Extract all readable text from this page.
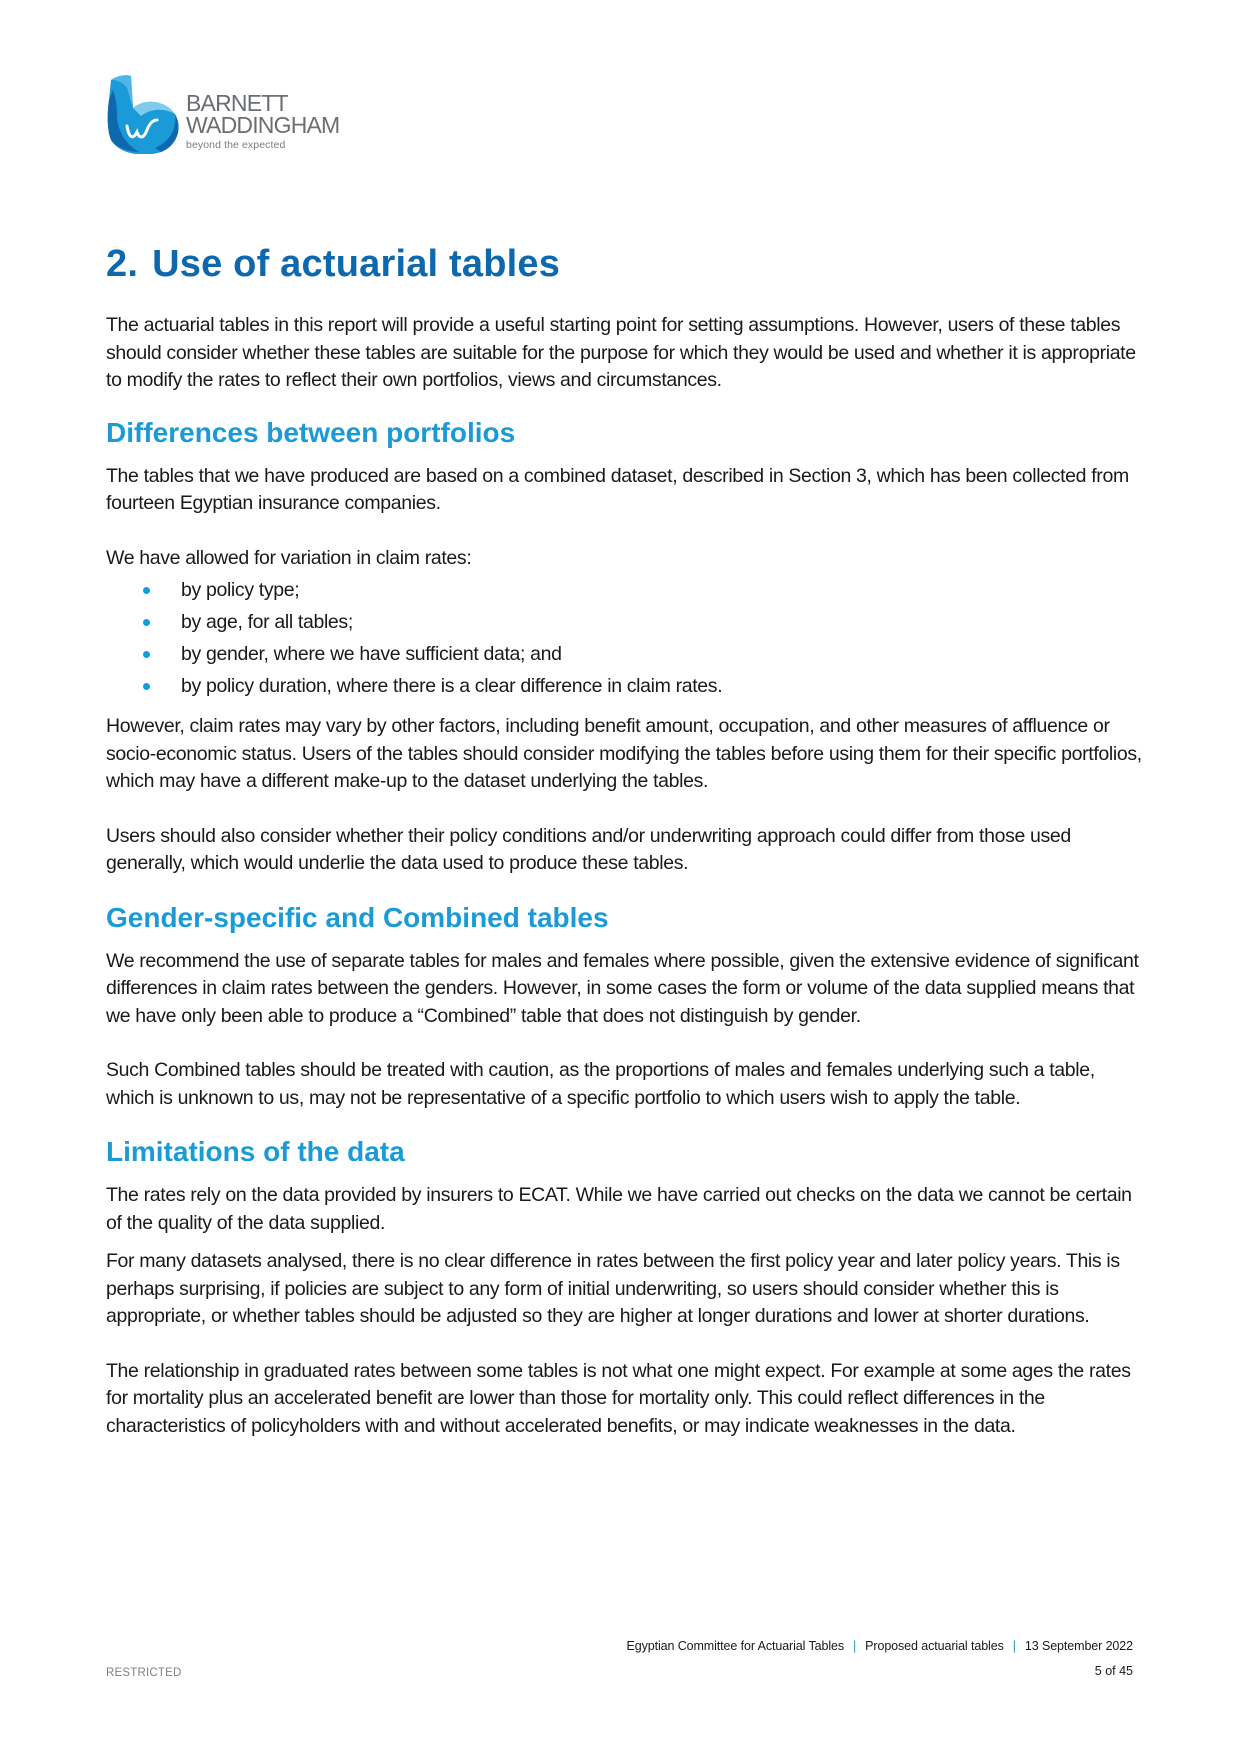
BARNETT
WADDINGHAM
beyond the expected
2. Use of actuarial tables

The actuarial tables in this report will provide a useful starting point for setting assumptions. However, users of these tables should consider whether these tables are suitable for the purpose for which they would be used and whether it is appropriate to modify the rates to reflect their own portfolios, views and circumstances.

Differences between portfolios

The tables that we have produced are based on a combined dataset, described in Section 3, which has been collected from fourteen Egyptian insurance companies.

We have allowed for variation in claim rates:

by policy type;
by age, for all tables;
by gender, where we have sufficient data; and
by policy duration, where there is a clear difference in claim rates.

However, claim rates may vary by other factors, including benefit amount, occupation, and other measures of affluence or socio-economic status. Users of the tables should consider modifying the tables before using them for their specific portfolios, which may have a different make-up to the dataset underlying the tables.

Users should also consider whether their policy conditions and/or underwriting approach could differ from those used generally, which would underlie the data used to produce these tables.

Gender-specific and Combined tables

We recommend the use of separate tables for males and females where possible, given the extensive evidence of significant differences in claim rates between the genders. However, in some cases the form or volume of the data supplied means that we have only been able to produce a “Combined” table that does not distinguish by gender.

Such Combined tables should be treated with caution, as the proportions of males and females underlying such a table, which is unknown to us, may not be representative of a specific portfolio to which users wish to apply the table.

Limitations of the data

The rates rely on the data provided by insurers to ECAT. While we have carried out checks on the data we cannot be certain of the quality of the data supplied.

For many datasets analysed, there is no clear difference in rates between the first policy year and later policy years. This is perhaps surprising, if policies are subject to any form of initial underwriting, so users should consider whether this is appropriate, or whether tables should be adjusted so they are higher at longer durations and lower at shorter durations.

The relationship in graduated rates between some tables is not what one might expect. For example at some ages the rates for mortality plus an accelerated benefit are lower than those for mortality only. This could reflect differences in the characteristics of policyholders with and without accelerated benefits, or may indicate weaknesses in the data.

Egyptian Committee for Actuarial Tables | Proposed actuarial tables | 13 September 2022
5 of 45
RESTRICTED
